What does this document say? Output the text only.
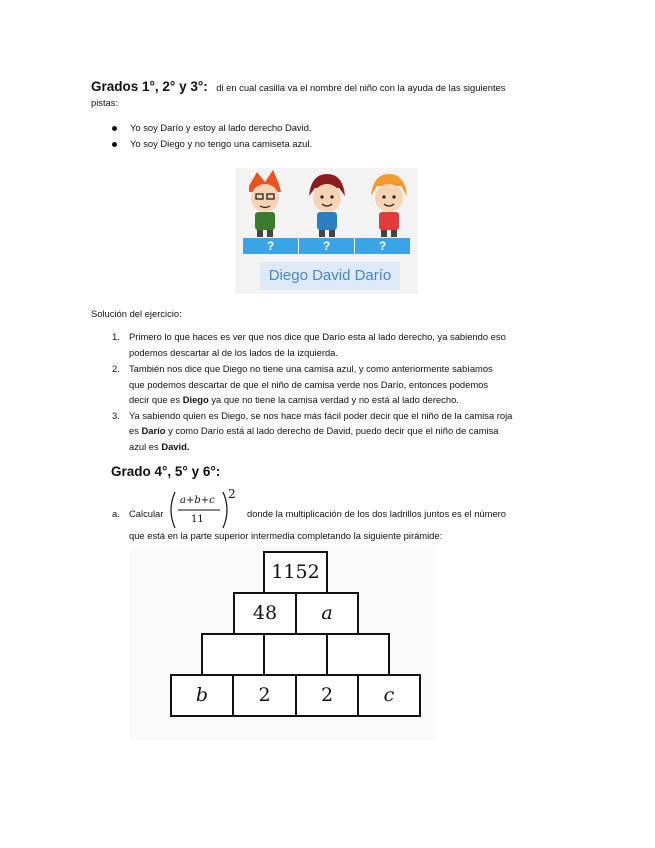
Grados 1°, 2° y 3°: di en cual casilla va el nombre del niño con la ayuda de las siguientes
pistas:
Yo soy Darío y estoy al lado derecho David.
Yo soy Diego y no tengo una camiseta azul.
?	?	?
Diego David Darío
Solución del ejercicio:
1. Primero lo que haces es ver que nos dice que Darío esta al lado derecho, ya sabiendo eso
podemos descartar al de los lados de la izquierda.
2. También nos dice que Diego no tiene una camisa azul, y como anteriormente sabíamos
que podemos descartar de que el niño de camisa verde nos Darío, entonces podemos
decir que es Diego ya que no tiene la camisa verdad y no está al lado derecho.
3. Ya sabiendo quien es Diego, se nos hace más fácil poder decir que el niño de la camisa roja
es Darío y como Darío está al lado derecho de David, puedo decir que el niño de camisa
azul es David.
Grado 4°, 5° y 6°:
a. Calcular
a+b+c
11
2
donde la multiplicación de los dos ladrillos juntos es el número
que está en la parte superior intermedia completando la siguiente pirámide:
1152
48	a
b	2	2	c
